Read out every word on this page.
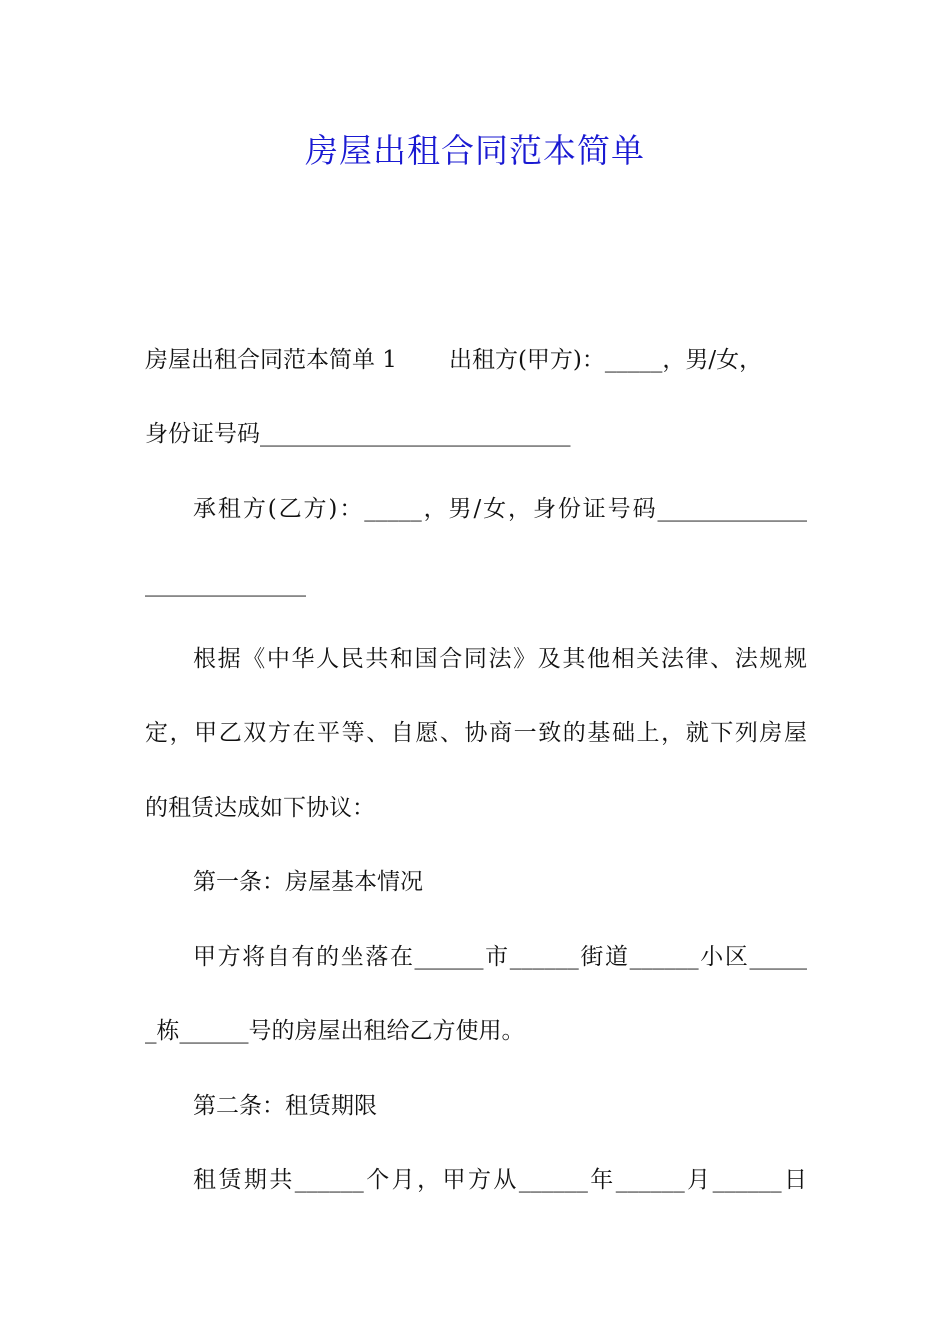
房屋出租合同范本简单
房屋出租合同范本简单 1 出租方(甲方)：_____，男/女，
身份证号码___________________________
承租方(乙方)：_____，男/女，身份证号码_____________
______________
根据《中华人民共和国合同法》及其他相关法律、法规规
定，甲乙双方在平等、自愿、协商一致的基础上，就下列房屋
的租赁达成如下协议：
第一条：房屋基本情况
甲方将自有的坐落在______市______街道______小区_____
_栋______号的房屋出租给乙方使用。
第二条：租赁期限
租赁期共______个月，甲方从______年______月______日
